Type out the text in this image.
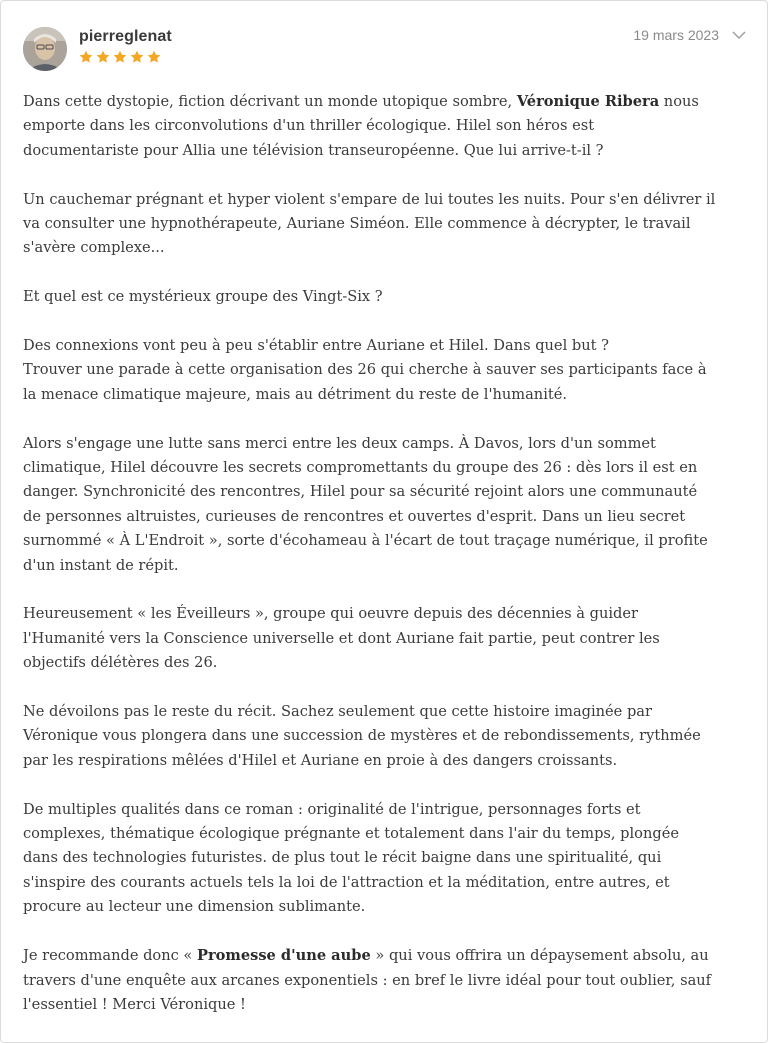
pierreglenat	19 mars 2023

Dans cette dystopie, fiction décrivant un monde utopique sombre, Véronique Ribera nous
emporte dans les circonvolutions d'un thriller écologique. Hilel son héros est
documentariste pour Allia une télévision transeuropéenne. Que lui arrive-t-il ?

Un cauchemar prégnant et hyper violent s'empare de lui toutes les nuits. Pour s'en délivrer il
va consulter une hypnothérapeute, Auriane Siméon. Elle commence à décrypter, le travail
s'avère complexe...

Et quel est ce mystérieux groupe des Vingt-Six ?

Des connexions vont peu à peu s'établir entre Auriane et Hilel. Dans quel but ?
Trouver une parade à cette organisation des 26 qui cherche à sauver ses participants face à
la menace climatique majeure, mais au détriment du reste de l'humanité.

Alors s'engage une lutte sans merci entre les deux camps. À Davos, lors d'un sommet
climatique, Hilel découvre les secrets compromettants du groupe des 26 : dès lors il est en
danger. Synchronicité des rencontres, Hilel pour sa sécurité rejoint alors une communauté
de personnes altruistes, curieuses de rencontres et ouvertes d'esprit. Dans un lieu secret
surnommé « À L'Endroit », sorte d'écohameau à l'écart de tout traçage numérique, il profite
d'un instant de répit.

Heureusement « les Éveilleurs », groupe qui oeuvre depuis des décennies à guider
l'Humanité vers la Conscience universelle et dont Auriane fait partie, peut contrer les
objectifs délétères des 26.

Ne dévoilons pas le reste du récit. Sachez seulement que cette histoire imaginée par
Véronique vous plongera dans une succession de mystères et de rebondissements, rythmée
par les respirations mêlées d'Hilel et Auriane en proie à des dangers croissants.

De multiples qualités dans ce roman : originalité de l'intrigue, personnages forts et
complexes, thématique écologique prégnante et totalement dans l'air du temps, plongée
dans des technologies futuristes. de plus tout le récit baigne dans une spiritualité, qui
s'inspire des courants actuels tels la loi de l'attraction et la méditation, entre autres, et
procure au lecteur une dimension sublimante.

Je recommande donc « Promesse d'une aube » qui vous offrira un dépaysement absolu, au
travers d'une enquête aux arcanes exponentiels : en bref le livre idéal pour tout oublier, sauf
l'essentiel ! Merci Véronique !
